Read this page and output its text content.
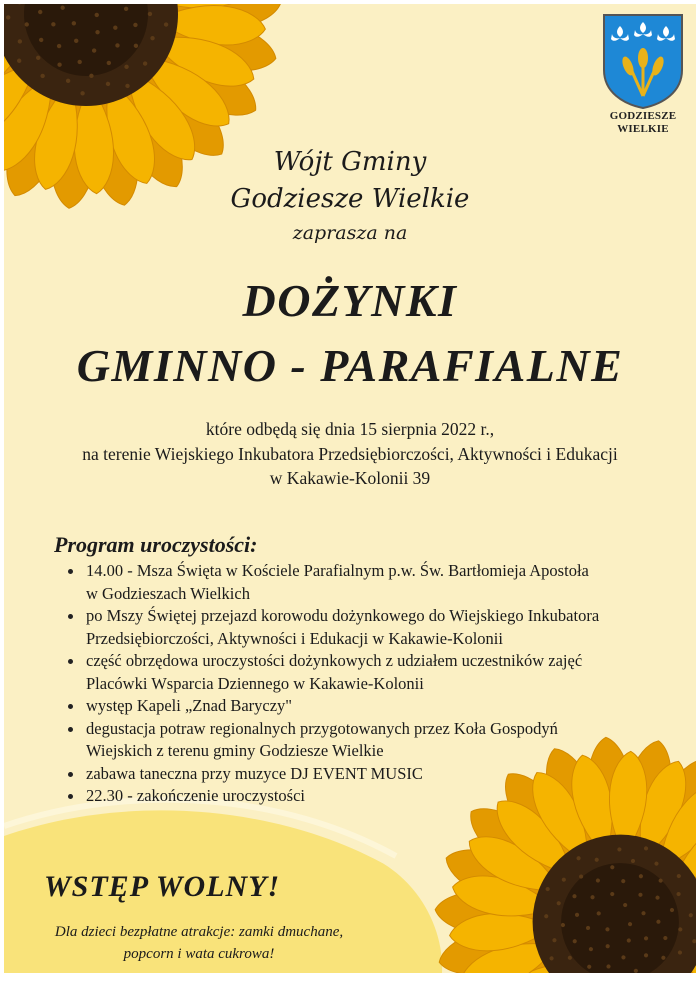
GODZIESZE
WIELKIE
Wójt Gminy
Godziesze Wielkie
zaprasza na
DOŻYNKI
GMINNO - PARAFIALNE
które odbędą się dnia 15 sierpnia 2022 r.,
na terenie Wiejskiego Inkubatora Przedsiębiorczości, Aktywności i Edukacji
w Kakawie-Kolonii 39
Program uroczystości:
14.00 - Msza Święta w Kościele Parafialnym p.w. Św. Bartłomieja Apostoła
w Godzieszach Wielkich
po Mszy Świętej przejazd korowodu dożynkowego do Wiejskiego Inkubatora
Przedsiębiorczości, Aktywności i Edukacji w Kakawie-Kolonii
część obrzędowa uroczystości dożynkowych z udziałem uczestników zajęć
Placówki Wsparcia Dziennego w Kakawie-Kolonii
występ Kapeli „Znad Baryczy"
degustacja potraw regionalnych przygotowanych przez Koła Gospodyń
Wiejskich z terenu gminy Godziesze Wielkie
zabawa taneczna przy muzyce DJ EVENT MUSIC
22.30 - zakończenie uroczystości
WSTĘP WOLNY!
Dla dzieci bezpłatne atrakcje: zamki dmuchane,
popcorn i wata cukrowa!
